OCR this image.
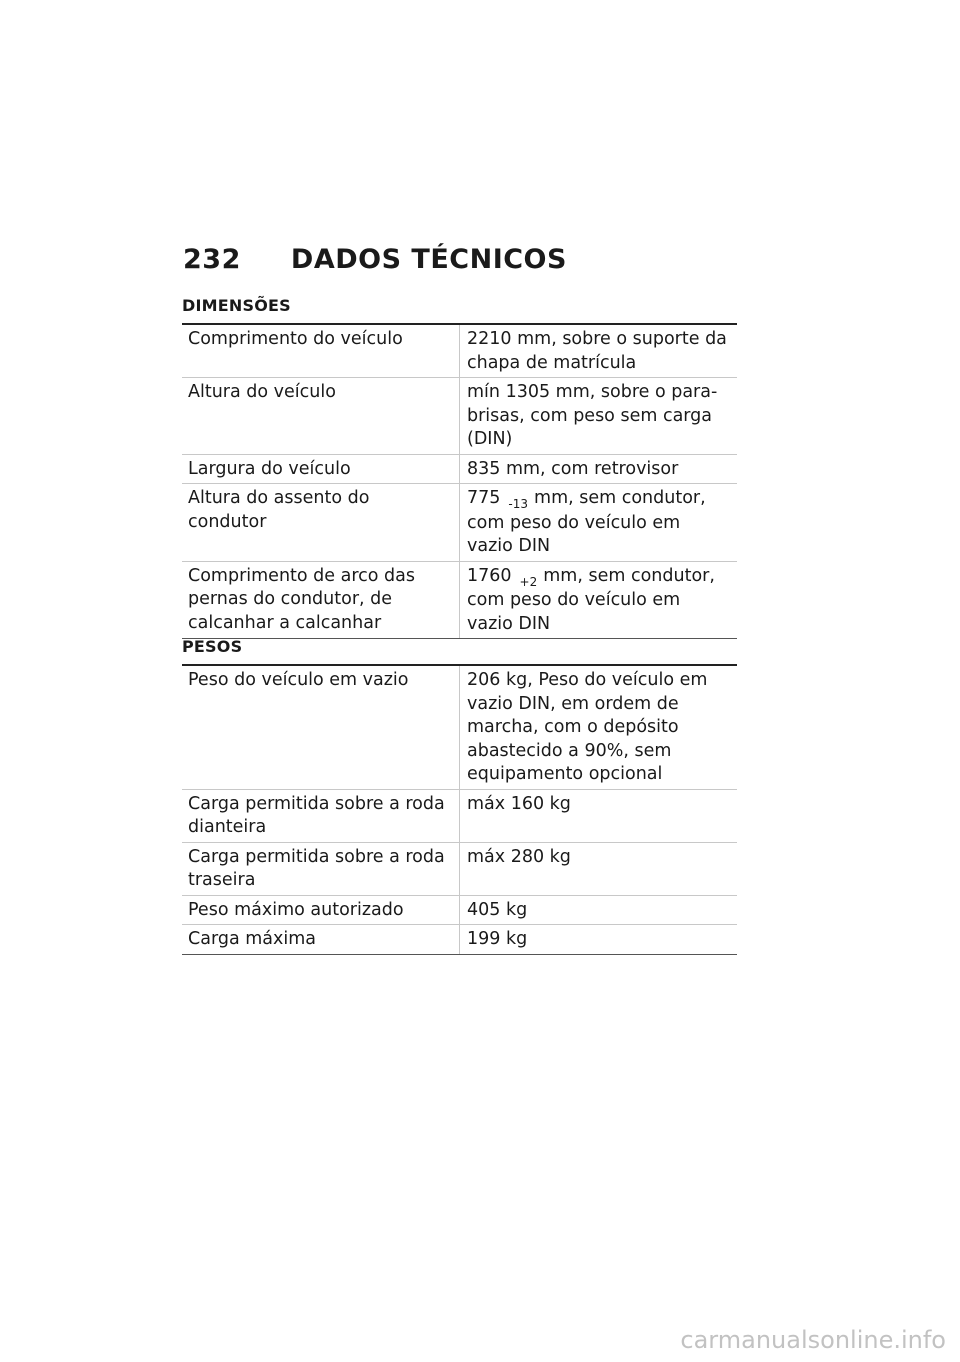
232 DADOS TÉCNICOS
DIMENSÕES
Comprimento do veículo	2210 mm, sobre o suporte da chapa de matrícula
Altura do veículo	mín 1305 mm, sobre o para-brisas, com peso sem carga (DIN)
Largura do veículo	835 mm, com retrovisor
Altura do assento do condutor	775 $_{-13}$ mm, sem condutor, com peso do veículo em vazio DIN
Comprimento de arco das pernas do condutor, de calcanhar a calcanhar	1760 $_{+2}$ mm, sem condutor, com peso do veículo em vazio DIN
PESOS
Peso do veículo em vazio	206 kg, Peso do veículo em vazio DIN, em ordem de marcha, com o depósito abastecido a 90%, sem equipamento opcional
Carga permitida sobre a roda dianteira	máx 160 kg
Carga permitida sobre a roda traseira	máx 280 kg
Peso máximo autorizado	405 kg
Carga máxima	199 kg
carmanualsonline.info
